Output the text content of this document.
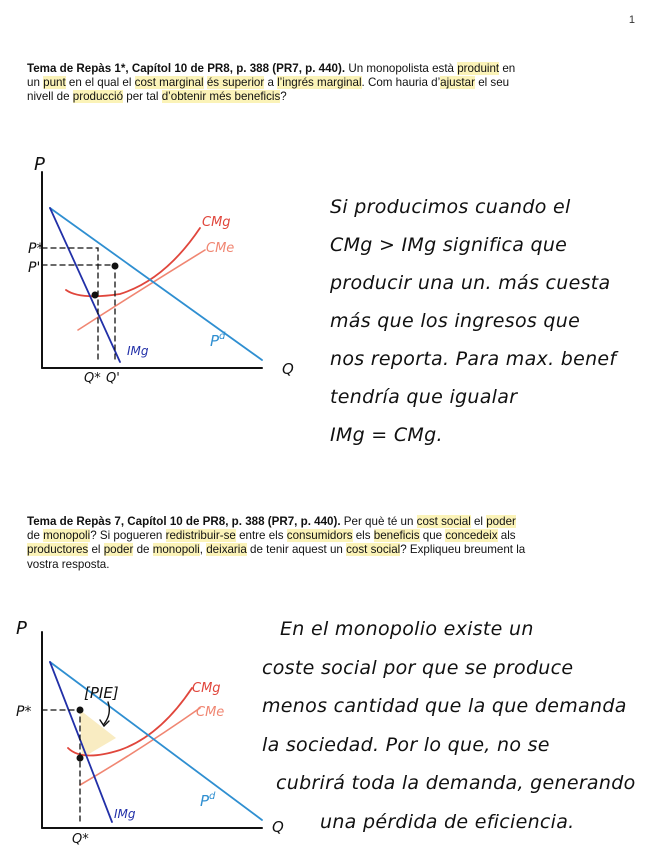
1
Tema de Repàs 1*, Capítol 10 de PR8, p. 388 (PR7, p. 440). Un monopolista està produint en un punt en el qual el cost marginal és superior a l’ingrés marginal. Com hauria d’ajustar el seu nivell de producció per tal d’obtenir més beneficis?
Tema de Repàs 7, Capítol 10 de PR8, p. 388 (PR7, p. 440). Per què té un cost social el poder de monopoli? Si pogueren redistribuir-se entre els consumidors els beneficis que concedeix als productores el poder de monopoli, deixaria de tenir aquest un cost social? Expliqueu breument la vostra resposta.
P
Q
P*
P'
Q* Q'
CMg
CMe
IMg
$P^d$
Si producimos cuando el
CMg > IMg significa que
producir una un. más cuesta
más que los ingresos que
nos reporta. Para max. benef
tendría que igualar
IMg = CMg.
P
Q
P*
Q*
[PIE]	CMg
CMe
IMg
$P^d$
En el monopolio existe un
coste social por que se produce
menos cantidad que la que demanda
la sociedad. Por lo que, no se
cubrirá toda la demanda, generando
una pérdida de eficiencia.
